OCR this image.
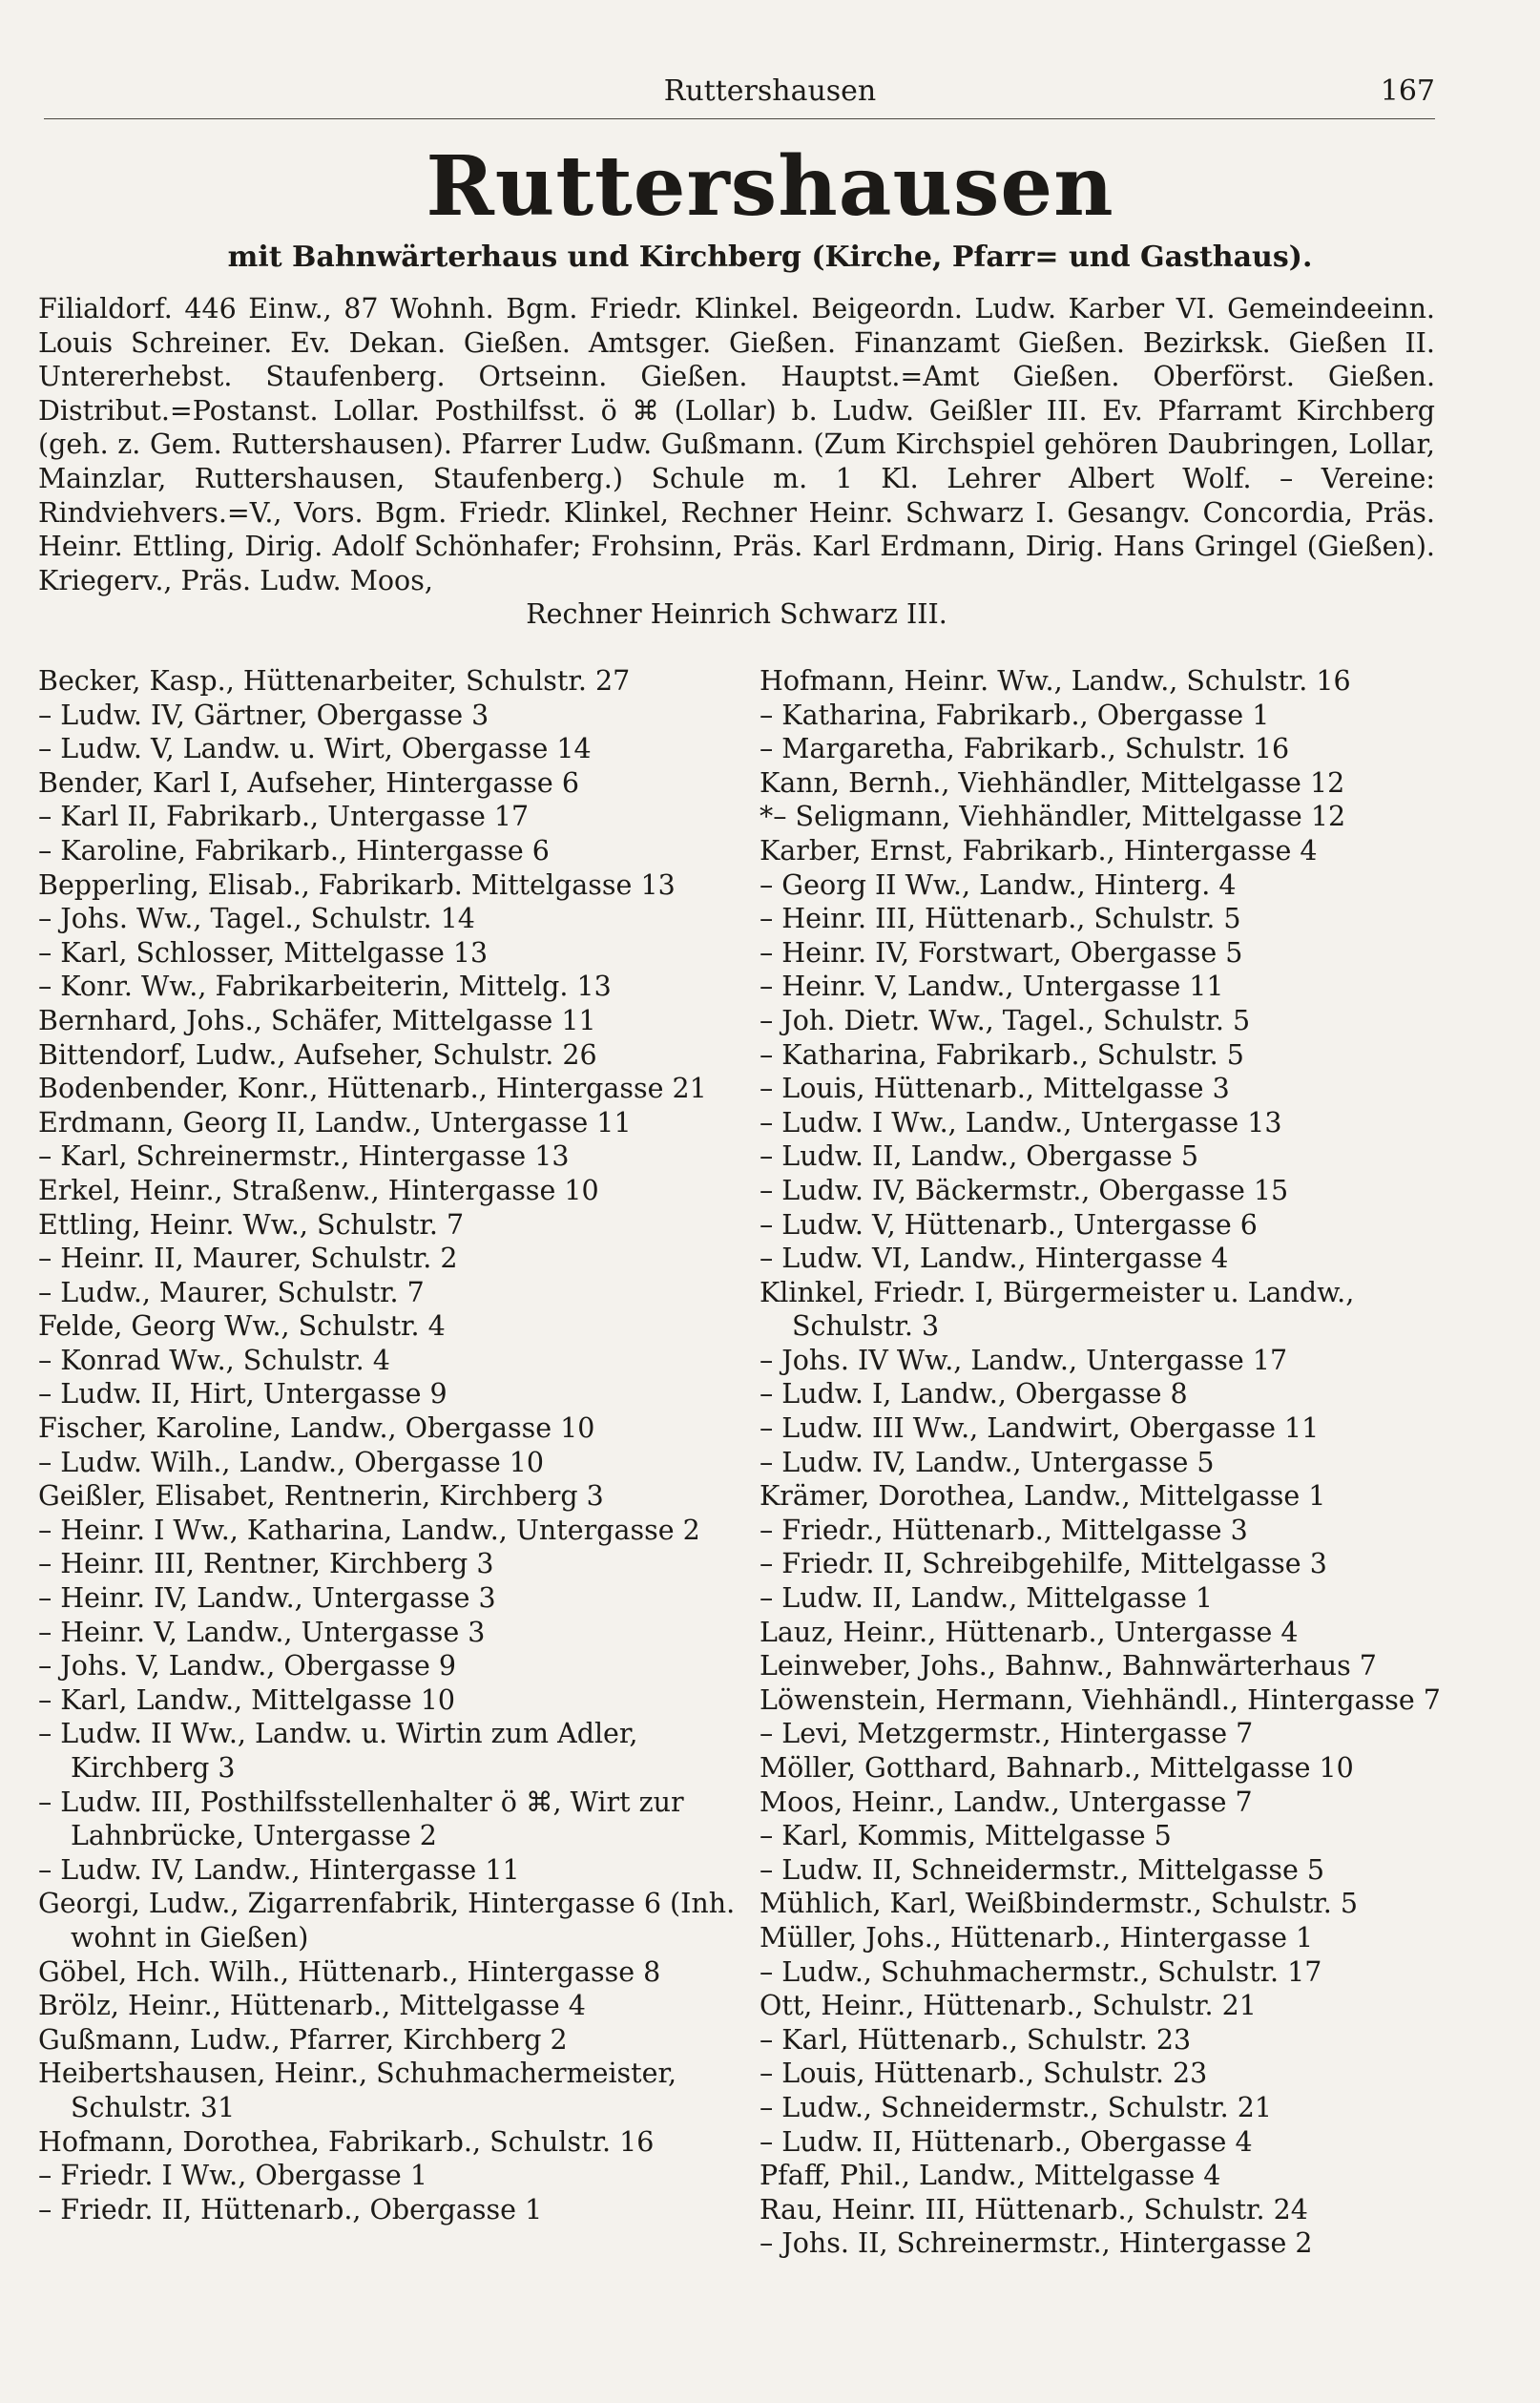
Ruttershausen	167
Ruttershausen
mit Bahnwärterhaus und Kirchberg (Kirche, Pfarr= und Gasthaus).

Filialdorf. 446 Einw., 87 Wohnh. Bgm. Friedr. Klinkel. Beigeordn. Ludw. Karber VI. Gemeindeeinn. Louis Schreiner. Ev. Dekan. Gießen. Amtsger. Gießen. Finanzamt Gießen. Bezirksk. Gießen II. Untererhebst. Staufenberg. Ortseinn. Gießen. Hauptst.=Amt Gießen. Oberförst. Gießen. Distribut.=Postanst. Lollar. Posthilfsst. ö ⌘ (Lollar) b. Ludw. Geißler III. Ev. Pfarramt Kirchberg (geh. z. Gem. Ruttershausen). Pfarrer Ludw. Gußmann. (Zum Kirchspiel gehören Daubringen, Lollar, Mainzlar, Ruttershausen, Staufenberg.) Schule m. 1 Kl. Lehrer Albert Wolf. – Vereine: Rindviehvers.=V., Vors. Bgm. Friedr. Klinkel, Rechner Heinr. Schwarz I. Gesangv. Concordia, Präs. Heinr. Ettling, Dirig. Adolf Schönhafer; Frohsinn, Präs. Karl Erdmann, Dirig. Hans Gringel (Gießen). Kriegerv., Präs. Ludw. Moos,
Rechner Heinrich Schwarz III.

Becker, Kasp., Hüttenarbeiter, Schulstr. 27
– Ludw. IV, Gärtner, Obergasse 3
– Ludw. V, Landw. u. Wirt, Obergasse 14
Bender, Karl I, Aufseher, Hintergasse 6
– Karl II, Fabrikarb., Untergasse 17
– Karoline, Fabrikarb., Hintergasse 6
Bepperling, Elisab., Fabrikarb. Mittelgasse 13
– Johs. Ww., Tagel., Schulstr. 14
– Karl, Schlosser, Mittelgasse 13
– Konr. Ww., Fabrikarbeiterin, Mittelg. 13
Bernhard, Johs., Schäfer, Mittelgasse 11
Bittendorf, Ludw., Aufseher, Schulstr. 26
Bodenbender, Konr., Hüttenarb., Hintergasse 21
Erdmann, Georg II, Landw., Untergasse 11
– Karl, Schreinermstr., Hintergasse 13
Erkel, Heinr., Straßenw., Hintergasse 10
Ettling, Heinr. Ww., Schulstr. 7
– Heinr. II, Maurer, Schulstr. 2
– Ludw., Maurer, Schulstr. 7
Felde, Georg Ww., Schulstr. 4
– Konrad Ww., Schulstr. 4
– Ludw. II, Hirt, Untergasse 9
Fischer, Karoline, Landw., Obergasse 10
– Ludw. Wilh., Landw., Obergasse 10
Geißler, Elisabet, Rentnerin, Kirchberg 3
– Heinr. I Ww., Katharina, Landw., Untergasse 2
– Heinr. III, Rentner, Kirchberg 3
– Heinr. IV, Landw., Untergasse 3
– Heinr. V, Landw., Untergasse 3
– Johs. V, Landw., Obergasse 9
– Karl, Landw., Mittelgasse 10
– Ludw. II Ww., Landw. u. Wirtin zum Adler, Kirchberg 3
– Ludw. III, Posthilfsstellenhalter ö ⌘, Wirt zur Lahnbrücke, Untergasse 2
– Ludw. IV, Landw., Hintergasse 11
Georgi, Ludw., Zigarrenfabrik, Hintergasse 6 (Inh. wohnt in Gießen)
Göbel, Hch. Wilh., Hüttenarb., Hintergasse 8
Brölz, Heinr., Hüttenarb., Mittelgasse 4
Gußmann, Ludw., Pfarrer, Kirchberg 2
Heibertshausen, Heinr., Schuhmachermeister, Schulstr. 31
Hofmann, Dorothea, Fabrikarb., Schulstr. 16
– Friedr. I Ww., Obergasse 1
– Friedr. II, Hüttenarb., Obergasse 1
Hofmann, Heinr. Ww., Landw., Schulstr. 16
– Katharina, Fabrikarb., Obergasse 1
– Margaretha, Fabrikarb., Schulstr. 16
Kann, Bernh., Viehhändler, Mittelgasse 12
*– Seligmann, Viehhändler, Mittelgasse 12
Karber, Ernst, Fabrikarb., Hintergasse 4
– Georg II Ww., Landw., Hinterg. 4
– Heinr. III, Hüttenarb., Schulstr. 5
– Heinr. IV, Forstwart, Obergasse 5
– Heinr. V, Landw., Untergasse 11
– Joh. Dietr. Ww., Tagel., Schulstr. 5
– Katharina, Fabrikarb., Schulstr. 5
– Louis, Hüttenarb., Mittelgasse 3
– Ludw. I Ww., Landw., Untergasse 13
– Ludw. II, Landw., Obergasse 5
– Ludw. IV, Bäckermstr., Obergasse 15
– Ludw. V, Hüttenarb., Untergasse 6
– Ludw. VI, Landw., Hintergasse 4
Klinkel, Friedr. I, Bürgermeister u. Landw., Schulstr. 3
– Johs. IV Ww., Landw., Untergasse 17
– Ludw. I, Landw., Obergasse 8
– Ludw. III Ww., Landwirt, Obergasse 11
– Ludw. IV, Landw., Untergasse 5
Krämer, Dorothea, Landw., Mittelgasse 1
– Friedr., Hüttenarb., Mittelgasse 3
– Friedr. II, Schreibgehilfe, Mittelgasse 3
– Ludw. II, Landw., Mittelgasse 1
Lauz, Heinr., Hüttenarb., Untergasse 4
Leinweber, Johs., Bahnw., Bahnwärterhaus 7
Löwenstein, Hermann, Viehhändl., Hintergasse 7
– Levi, Metzgermstr., Hintergasse 7
Möller, Gotthard, Bahnarb., Mittelgasse 10
Moos, Heinr., Landw., Untergasse 7
– Karl, Kommis, Mittelgasse 5
– Ludw. II, Schneidermstr., Mittelgasse 5
Mühlich, Karl, Weißbindermstr., Schulstr. 5
Müller, Johs., Hüttenarb., Hintergasse 1
– Ludw., Schuhmachermstr., Schulstr. 17
Ott, Heinr., Hüttenarb., Schulstr. 21
– Karl, Hüttenarb., Schulstr. 23
– Louis, Hüttenarb., Schulstr. 23
– Ludw., Schneidermstr., Schulstr. 21
– Ludw. II, Hüttenarb., Obergasse 4
Pfaff, Phil., Landw., Mittelgasse 4
Rau, Heinr. III, Hüttenarb., Schulstr. 24
– Johs. II, Schreinermstr., Hintergasse 2
